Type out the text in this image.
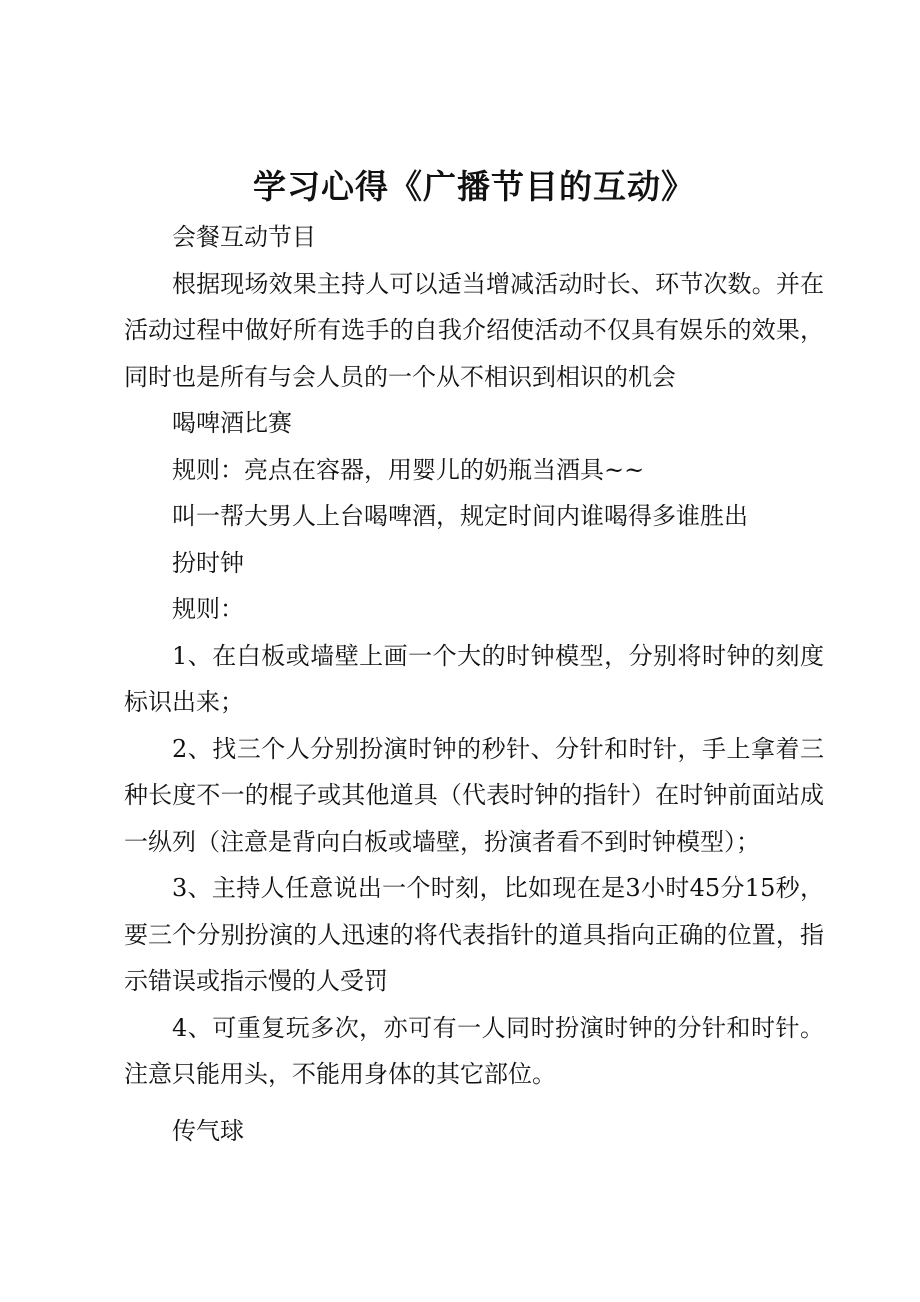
学习心得《广播节目的互动》

会餐互动节目

根据现场效果主持人可以适当增减活动时长、环节次数。并在活动过程中做好所有选手的自我介绍使活动不仅具有娱乐的效果，同时也是所有与会人员的一个从不相识到相识的机会

喝啤酒比赛

规则：亮点在容器，用婴儿的奶瓶当酒具~~

叫一帮大男人上台喝啤酒，规定时间内谁喝得多谁胜出

扮时钟

规则：

1、在白板或墙壁上画一个大的时钟模型，分别将时钟的刻度标识出来；

2、找三个人分别扮演时钟的秒针、分针和时针，手上拿着三种长度不一的棍子或其他道具（代表时钟的指针）在时钟前面站成一纵列（注意是背向白板或墙壁，扮演者看不到时钟模型）；

3、主持人任意说出一个时刻，比如现在是3小时45分15秒，要三个分别扮演的人迅速的将代表指针的道具指向正确的位置，指示错误或指示慢的人受罚

4、可重复玩多次，亦可有一人同时扮演时钟的分针和时针。注意只能用头，不能用身体的其它部位。

传气球
